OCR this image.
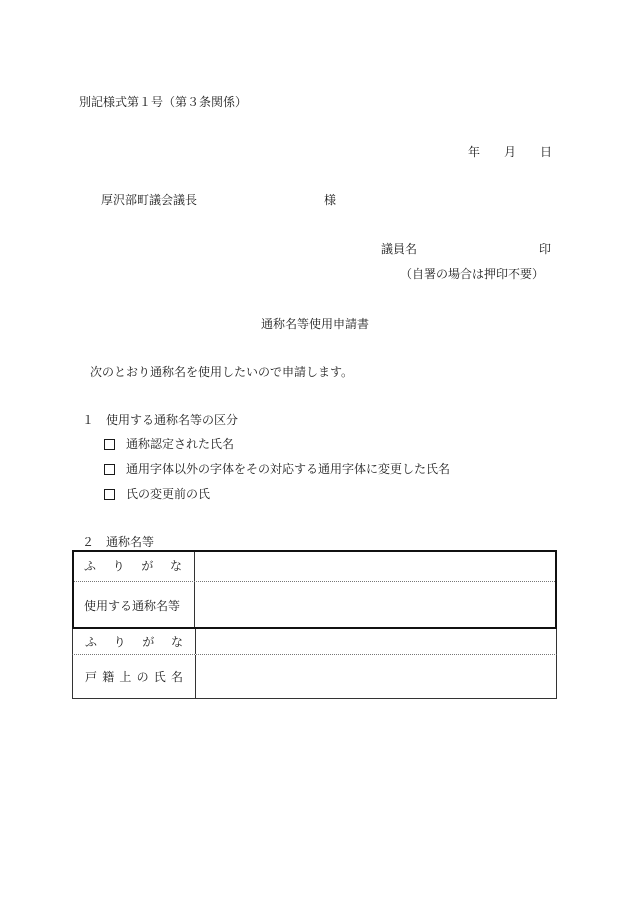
別記様式第１号（第３条関係）
年 月 日
厚沢部町議会議長	様
議員名	印
（自署の場合は押印不要）
通称名等使用申請書
次のとおり通称名を使用したいので申請します。
１　使用する通称名等の区分
通称認定された氏名
通用字体以外の字体をその対応する通用字体に変更した氏名
氏の変更前の氏
２　通称名等
ふ り が な
使用する通称名等
ふ り が な
戸 籍 上 の 氏 名
